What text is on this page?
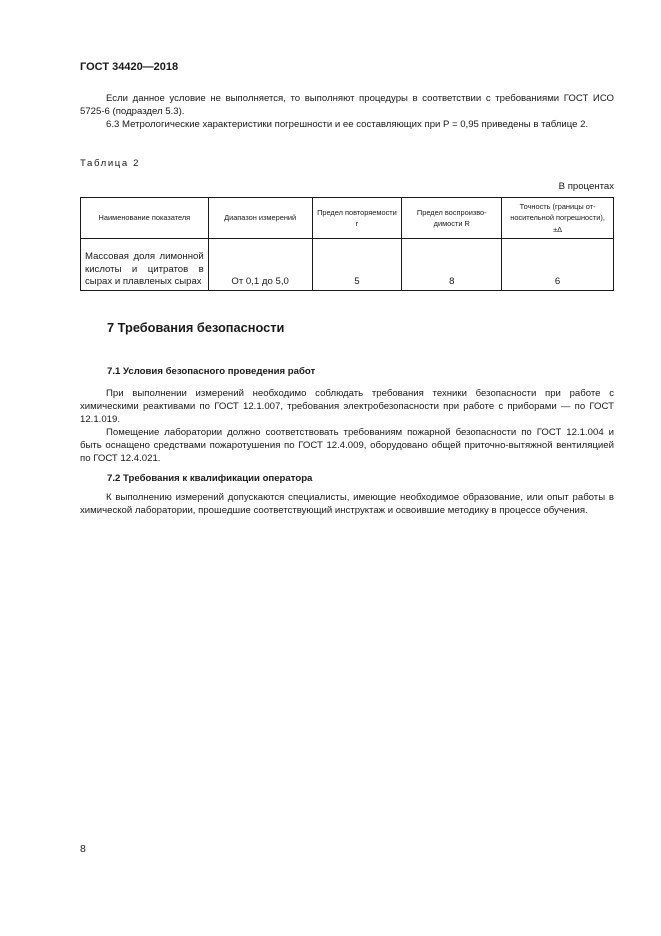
ГОСТ 34420—2018
Если данное условие не выполняется, то выполняют процедуры в соответствии с требованиями ГОСТ ИСО 5725-6 (подраздел 5.3).
6.3 Метрологические характеристики погрешности и ее составляющих при P = 0,95 приведены в таблице 2.
Таблица 2
В процентах
Наименование показателя	Диапазон измерений	Предел повторяемости r	Предел воспроизводимости R	Точность (границы относительной погрешности), ±Δ
Массовая доля лимонной кислоты и цитратов в сырах и плавленых сырах	От 0,1 до 5,0	5	8	6
7 Требования безопасности
7.1 Условия безопасного проведения работ
При выполнении измерений необходимо соблюдать требования техники безопасности при работе с химическими реактивами по ГОСТ 12.1.007, требования электробезопасности при работе с приборами — по ГОСТ 12.1.019.
Помещение лаборатории должно соответствовать требованиям пожарной безопасности по ГОСТ 12.1.004 и быть оснащено средствами пожаротушения по ГОСТ 12.4.009, оборудовано общей приточно-вытяжной вентиляцией по ГОСТ 12.4.021.
7.2 Требования к квалификации оператора
К выполнению измерений допускаются специалисты, имеющие необходимое образование, или опыт работы в химической лаборатории, прошедшие соответствующий инструктаж и освоившие методику в процессе обучения.
8
